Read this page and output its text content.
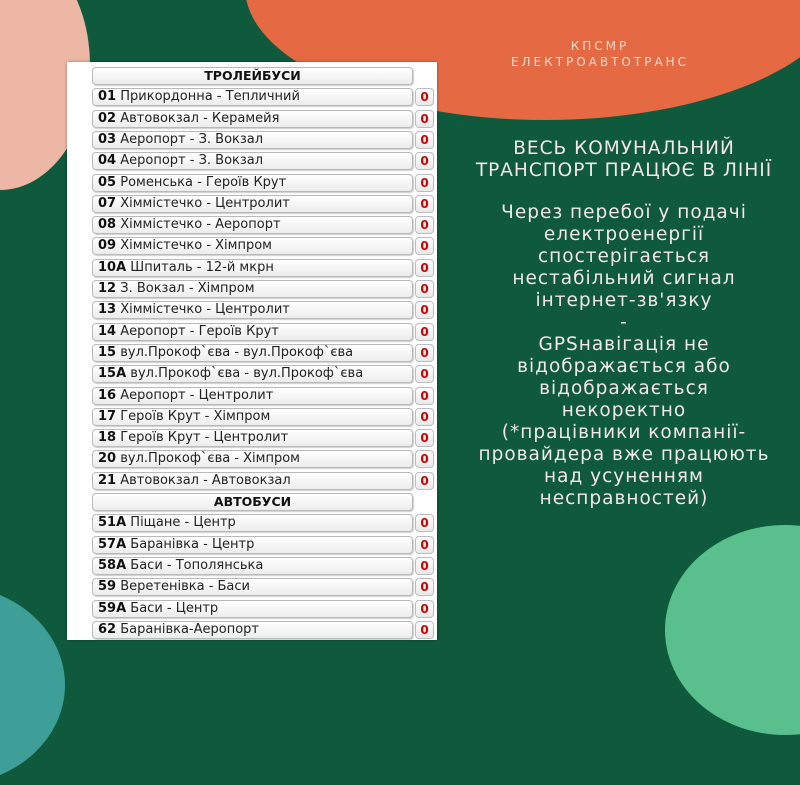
КПСМР
ЕЛЕКТРОАВТОТРАНС
ВЕСЬ КОМУНАЛЬНИЙ
ТРАНСПОРТ ПРАЦЮЄ В ЛІНІЇ
Через перебої у подачі
електроенергії
спостерігається
нестабільний сигнал
інтернет-зв'язку
-
GPSнавігація не
відображається або
відображається
некоректно
(*працівники компанії-
провайдера вже працюють
над усуненням
несправностей)
ТРОЛЕЙБУСИ
01 Прикордонна - Тепличний	0
02 Автовокзал - Керамейя	0
03 Аеропорт - З. Вокзал	0
04 Аеропорт - З. Вокзал	0
05 Роменська - Героїв Крут	0
07 Хіммістечко - Центролит	0
08 Хіммістечко - Аеропорт	0
09 Хіммістечко - Хімпром	0
10А Шпиталь - 12-й мкрн	0
12 З. Вокзал - Хімпром	0
13 Хіммістечко - Центролит	0
14 Аеропорт - Героїв Крут	0
15 вул.Прокоф`єва - вул.Прокоф`єва	0
15А вул.Прокоф`єва - вул.Прокоф`єва	0
16 Аеропорт - Центролит	0
17 Героїв Крут - Хімпром	0
18 Героїв Крут - Центролит	0
20 вул.Прокоф`єва - Хімпром	0
21 Автовокзал - Автовокзал	0
АВТОБУСИ
51А Піщане - Центр	0
57А Баранівка - Центр	0
58А Баси - Тополянська	0
59 Веретенівка - Баси	0
59А Баси - Центр	0
62 Баранівка-Аеропорт	0
